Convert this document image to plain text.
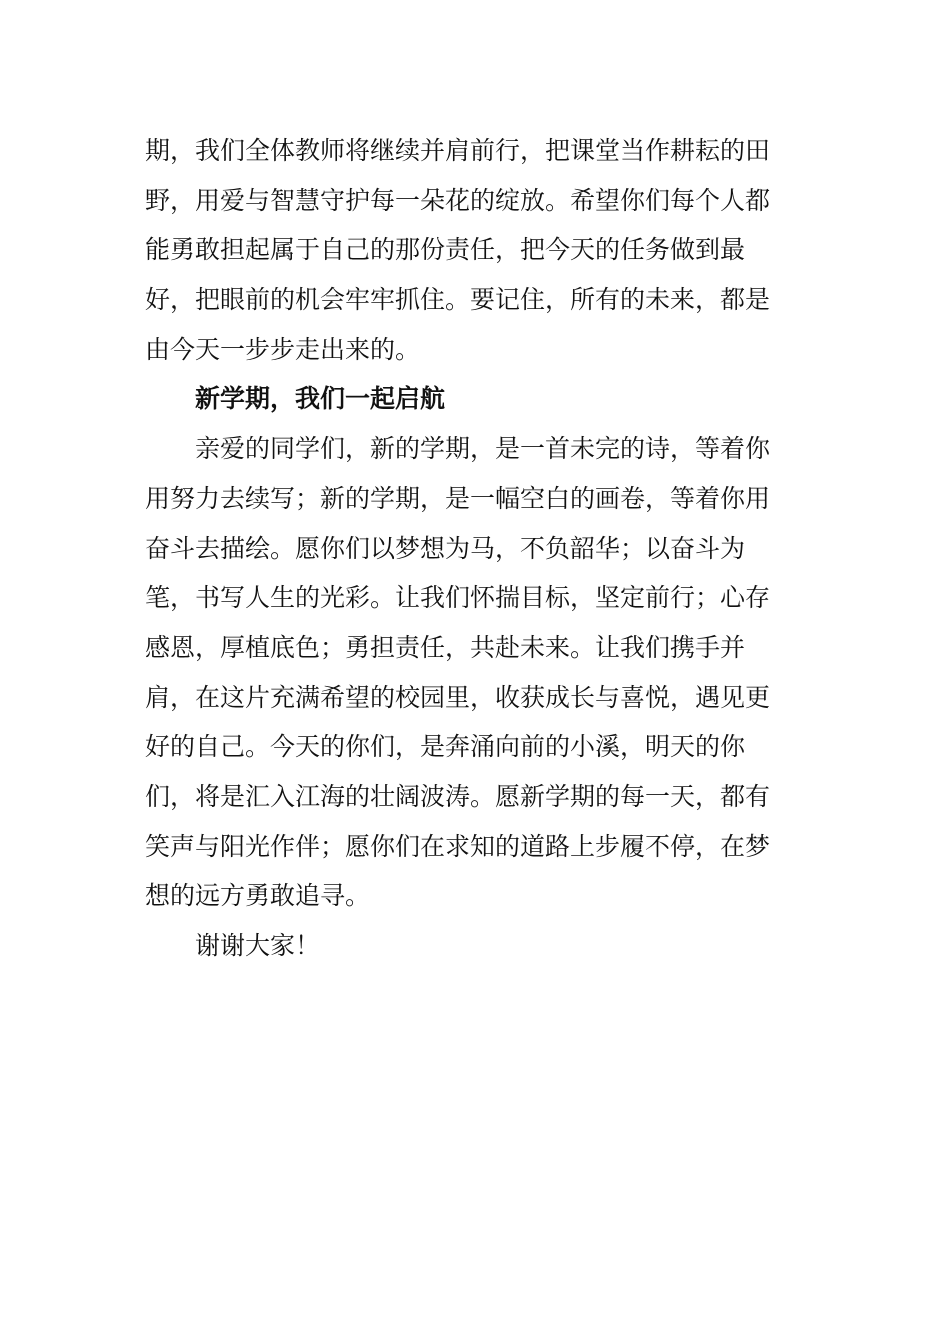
期，我们全体教师将继续并肩前行，把课堂当作耕耘的田
野，用爱与智慧守护每一朵花的绽放。希望你们每个人都
能勇敢担起属于自己的那份责任，把今天的任务做到最
好，把眼前的机会牢牢抓住。要记住，所有的未来，都是
由今天一步步走出来的。
新学期，我们一起启航
亲爱的同学们，新的学期，是一首未完的诗，等着你
用努力去续写；新的学期，是一幅空白的画卷，等着你用
奋斗去描绘。愿你们以梦想为马，不负韶华；以奋斗为
笔，书写人生的光彩。让我们怀揣目标，坚定前行；心存
感恩，厚植底色；勇担责任，共赴未来。让我们携手并
肩，在这片充满希望的校园里，收获成长与喜悦，遇见更
好的自己。今天的你们，是奔涌向前的小溪，明天的你
们，将是汇入江海的壮阔波涛。愿新学期的每一天，都有
笑声与阳光作伴；愿你们在求知的道路上步履不停，在梦
想的远方勇敢追寻。
谢谢大家！
